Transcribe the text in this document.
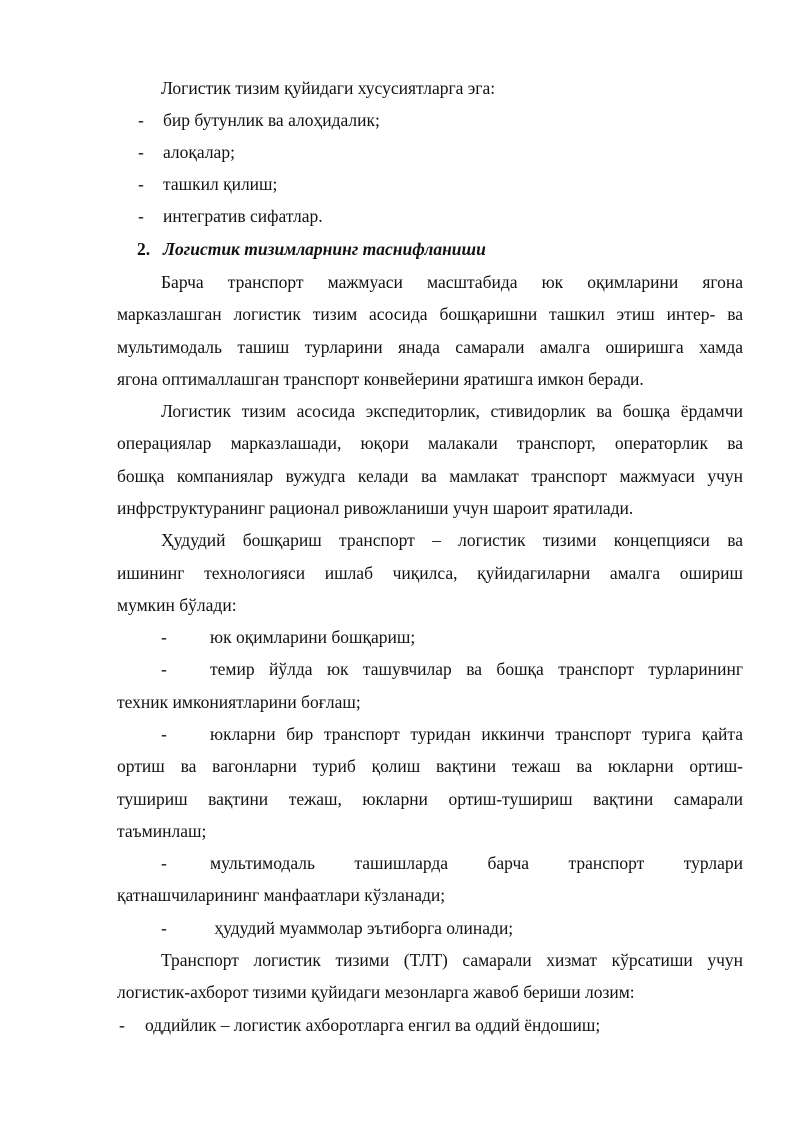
Логистик тизим қуйидаги хусусиятларга эга:
- бир бутунлик ва алоҳидалик;
- алоқалар;
- ташкил қилиш;
- интегратив сифатлар.
2. Логистик тизимларнинг таснифланиши
Барча транспорт мажмуаси масштабида юк оқимларини ягона
марказлашган логистик тизим асосида бошқаришни ташкил этиш интер- ва
мультимодаль ташиш турларини янада самарали амалга оширишга хамда
ягона оптималлашган транспорт конвейерини яратишга имкон беради.
Логистик тизим асосида экспедиторлик, стивидорлик ва бошқа ёрдамчи
операциялар марказлашади, юқори малакали транспорт, операторлик ва
бошқа компаниялар вужудга келади ва мамлакат транспорт мажмуаси учун
инфрструктуранинг рационал ривожланиши учун шароит яратилади.
Ҳудудий бошқариш транспорт – логистик тизими концепцияси ва
ишининг технологияси ишлаб чиқилса, қуйидагиларни амалга ошириш
мумкин бўлади:
- юк оқимларини бошқариш;
- темир йўлда юк ташувчилар ва бошқа транспорт турларининг
техник имкониятларини боғлаш;
- юкларни бир транспорт туридан иккинчи транспорт турига қайта
ортиш ва вагонларни туриб қолиш вақтини тежаш ва юкларни ортиш-
тушириш вақтини тежаш, юкларни ортиш-тушириш вақтини самарали
таъминлаш;
- мультимодаль ташишларда барча транспорт турлари
қатнашчиларининг манфаатлари кўзланади;
- ҳудудий муаммолар эътиборга олинади;
Транспорт логистик тизими (ТЛТ) самарали хизмат кўрсатиши учун
логистик-ахборот тизими қуйидаги мезонларга жавоб бериши лозим:
- оддийлик – логистик ахборотларга енгил ва оддий ёндошиш;
